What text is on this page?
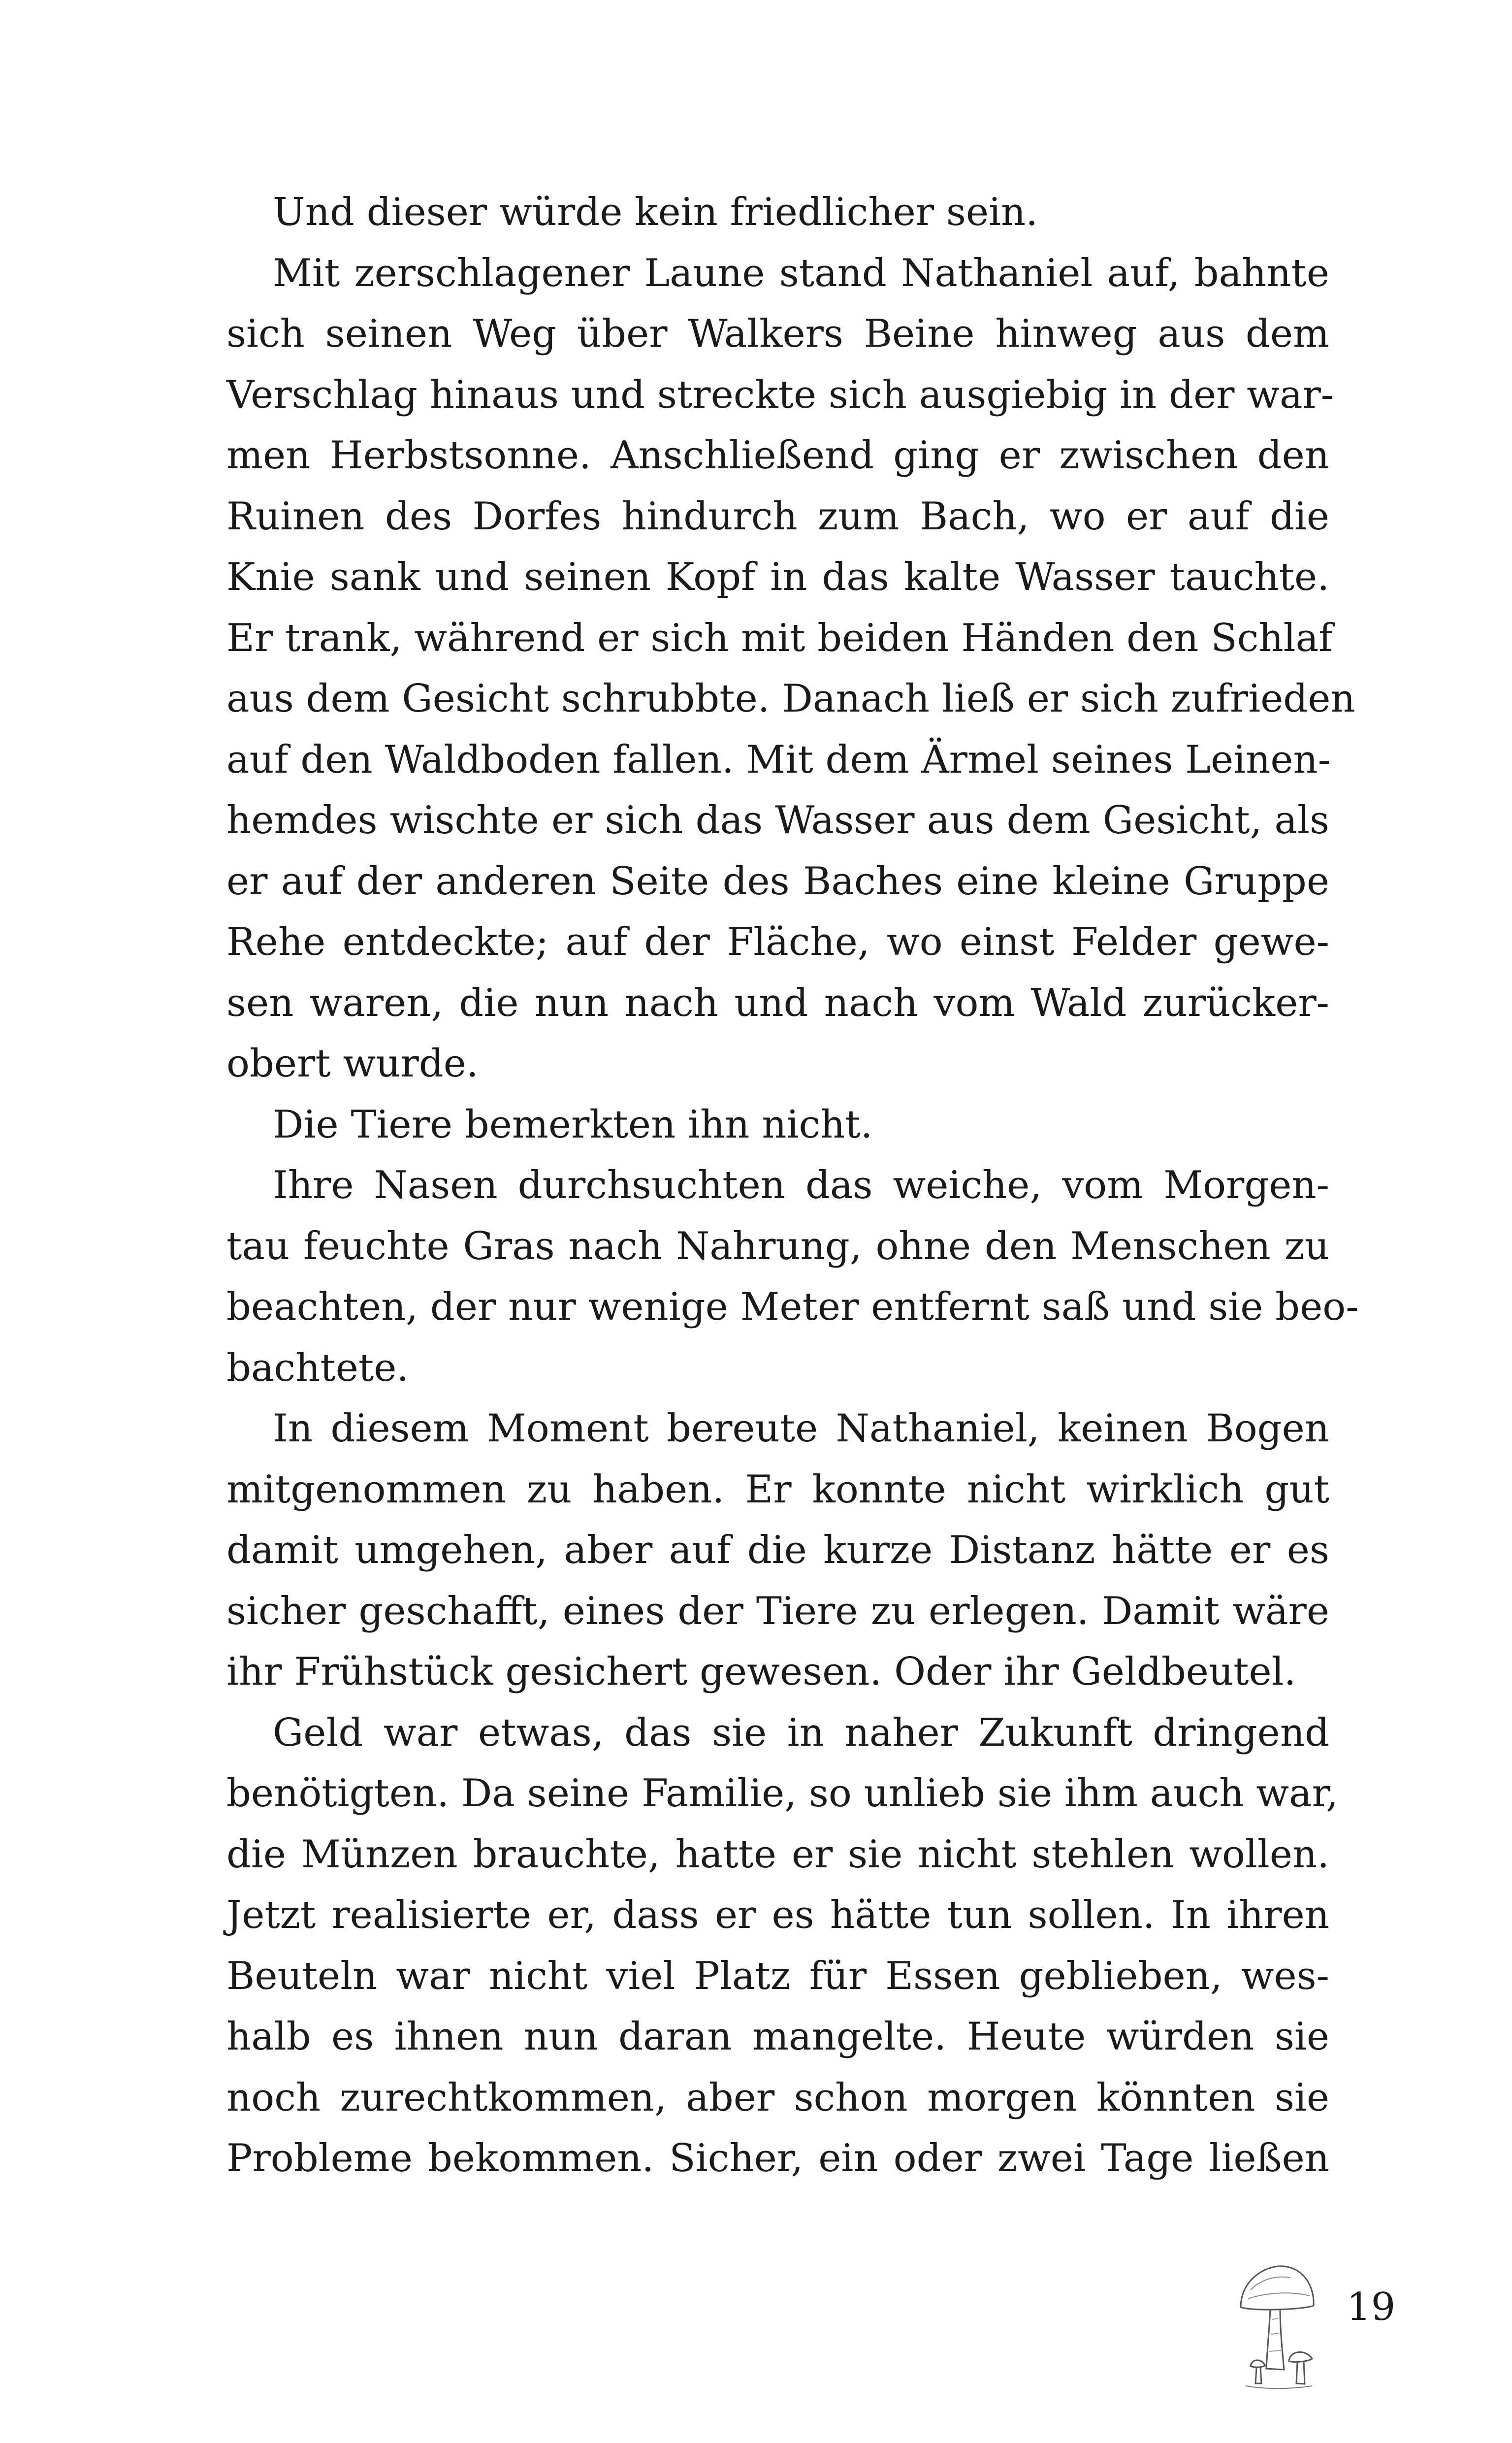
Und dieser würde kein friedlicher sein.
Mit zerschlagener Laune stand Nathaniel auf, bahnte
sich seinen Weg über Walkers Beine hinweg aus dem
Verschlag hinaus und streckte sich ausgiebig in der war-
men Herbstsonne. Anschließend ging er zwischen den
Ruinen des Dorfes hindurch zum Bach, wo er auf die
Knie sank und seinen Kopf in das kalte Wasser tauchte.
Er trank, während er sich mit beiden Händen den Schlaf
aus dem Gesicht schrubbte. Danach ließ er sich zufrieden
auf den Waldboden fallen. Mit dem Ärmel seines Leinen-
hemdes wischte er sich das Wasser aus dem Gesicht, als
er auf der anderen Seite des Baches eine kleine Gruppe
Rehe entdeckte; auf der Fläche, wo einst Felder gewe-
sen waren, die nun nach und nach vom Wald zurücker-
obert wurde.
Die Tiere bemerkten ihn nicht.
Ihre Nasen durchsuchten das weiche, vom Morgen-
tau feuchte Gras nach Nahrung, ohne den Menschen zu
beachten, der nur wenige Meter entfernt saß und sie beo-
bachtete.
In diesem Moment bereute Nathaniel, keinen Bogen
mitgenommen zu haben. Er konnte nicht wirklich gut
damit umgehen, aber auf die kurze Distanz hätte er es
sicher geschafft, eines der Tiere zu erlegen. Damit wäre
ihr Frühstück gesichert gewesen. Oder ihr Geldbeutel.
Geld war etwas, das sie in naher Zukunft dringend
benötigten. Da seine Familie, so unlieb sie ihm auch war,
die Münzen brauchte, hatte er sie nicht stehlen wollen.
Jetzt realisierte er, dass er es hätte tun sollen. In ihren
Beuteln war nicht viel Platz für Essen geblieben, wes-
halb es ihnen nun daran mangelte. Heute würden sie
noch zurechtkommen, aber schon morgen könnten sie
Probleme bekommen. Sicher, ein oder zwei Tage ließen
19
